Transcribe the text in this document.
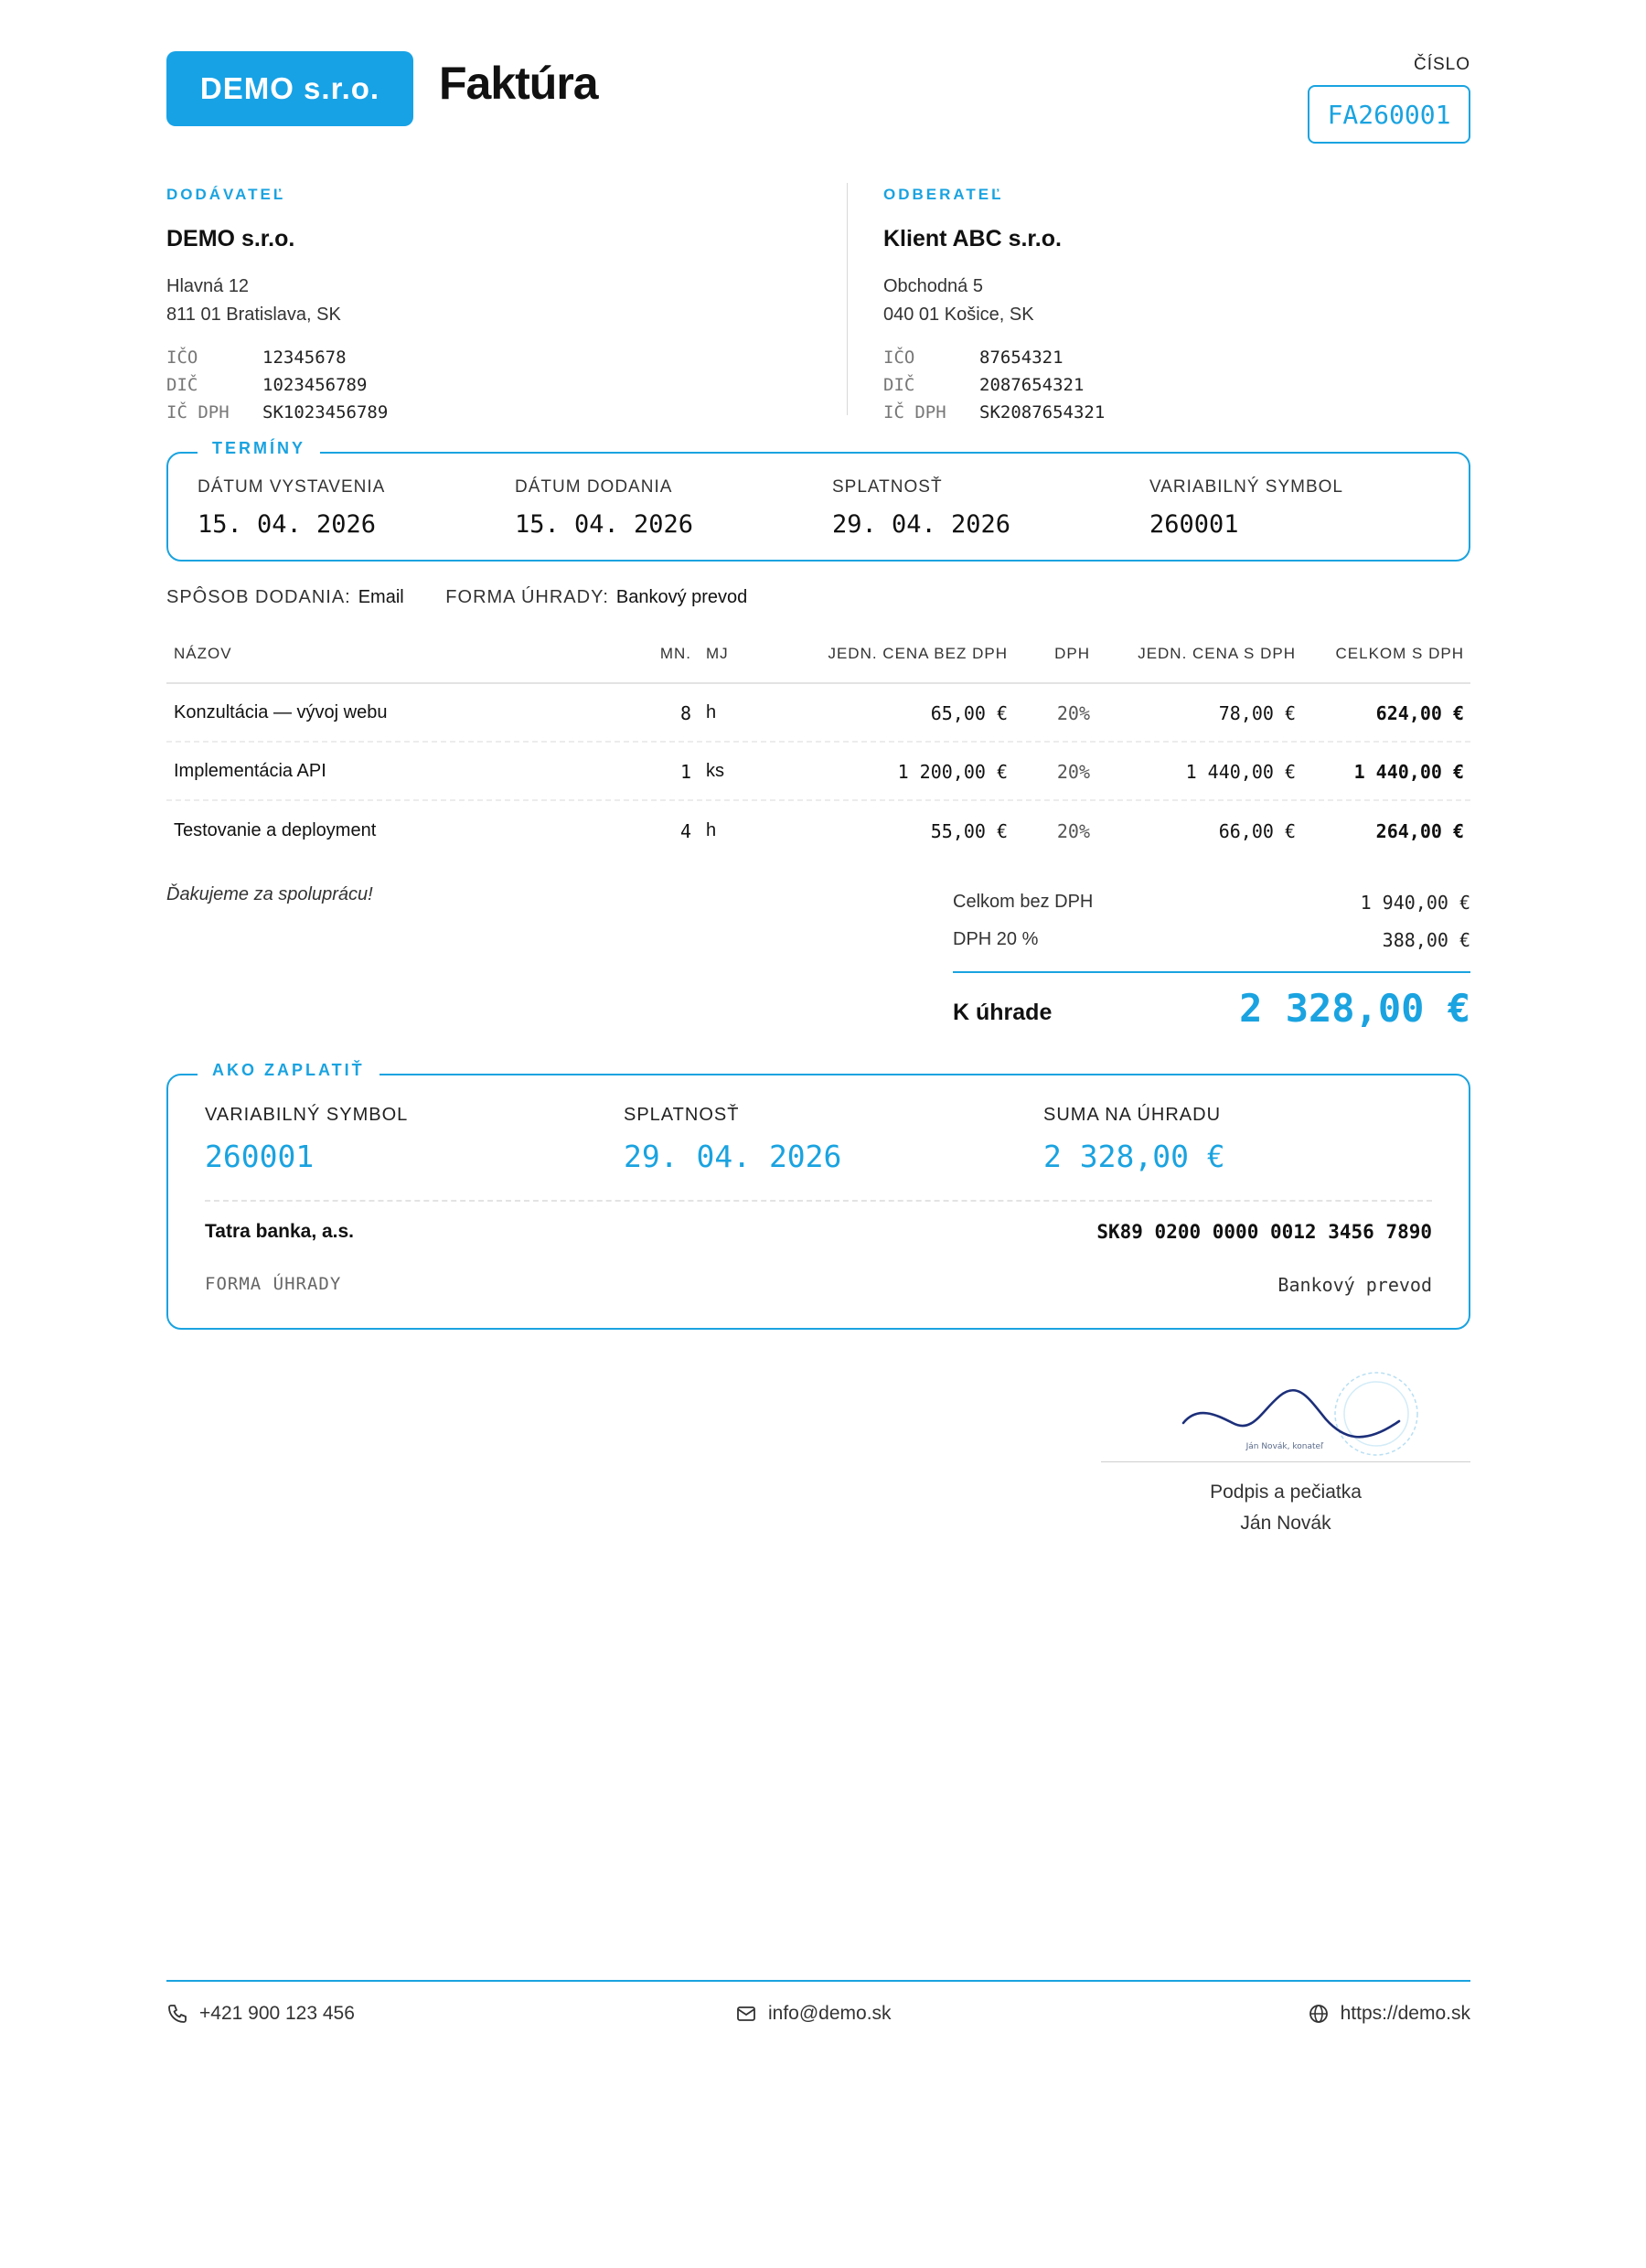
DEMO s.r.o.	Faktúra	ČÍSLO
FA260001
DODÁVATEĽ
DEMO s.r.o.
Hlavná 12
811 01 Bratislava, SK
IČO	12345678
DIČ	1023456789
IČ DPH	SK1023456789
ODBERATEĽ
Klient ABC s.r.o.
Obchodná 5
040 01 Košice, SK
IČO	87654321
DIČ	2087654321
IČ DPH	SK2087654321
TERMÍNY
DÁTUM VYSTAVENIA
15. 04. 2026
DÁTUM DODANIA
15. 04. 2026
SPLATNOSŤ
29. 04. 2026
VARIABILNÝ SYMBOL
260001
SPÔSOB DODANIA: Email FORMA ÚHRADY: Bankový prevod
NÁZOV	MN. MJ	JEDN. CENA BEZ DPH	DPH	JEDN. CENA S DPH	CELKOM S DPH
Konzultácia — vývoj webu	8 h	65,00 €	20%	78,00 €	624,00 €
Implementácia API	1 ks	1 200,00 €	20%	1 440,00 €	1 440,00 €
Testovanie a deployment	4 h	55,00 €	20%	66,00 €	264,00 €
Ďakujeme za spoluprácu!	Celkom bez DPH	1 940,00 €
DPH 20 %	388,00 €
K úhrade	2 328,00 €
AKO ZAPLATIŤ
VARIABILNÝ SYMBOL
260001
SPLATNOSŤ
29. 04. 2026
SUMA NA ÚHRADU
2 328,00 €
Tatra banka, a.s.	SK89 0200 0000 0012 3456 7890
FORMA ÚHRADY	Bankový prevod
Ján Novák, konateľ
Podpis a pečiatka
Ján Novák
+421 900 123 456	info@demo.sk	https://demo.sk
